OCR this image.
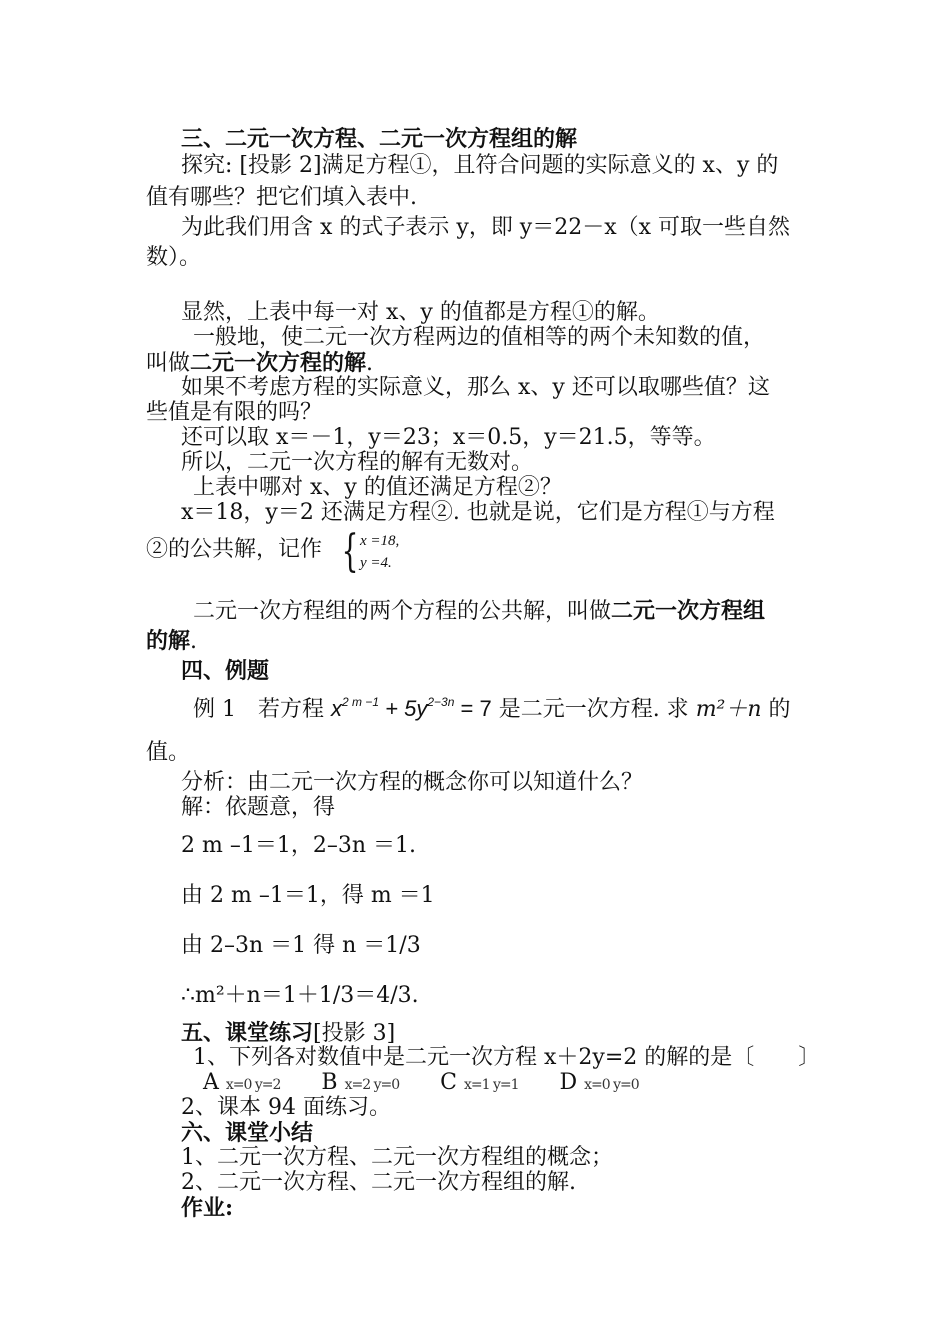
三、二元一次方程、二元一次方程组的解
探究: [投影 2]满足方程①，且符合问题的实际意义的 x、y 的
值有哪些？把它们填入表中.
为此我们用含 x 的式子表示 y，即 y＝22－x（x 可取一些自然
数）。
显然，上表中每一对 x、y 的值都是方程①的解。
一般地，使二元一次方程两边的值相等的两个未知数的值，
叫做二元一次方程的解.
如果不考虑方程的实际意义，那么 x、y 还可以取哪些值？这
些值是有限的吗？
还可以取 x＝－1，y＝23；x＝0.5，y＝21.5，等等。
所以，二元一次方程的解有无数对。
上表中哪对 x、y 的值还满足方程②？
x＝18，y＝2 还满足方程②. 也就是说，它们是方程①与方程
②的公共解，记作 { x =18,
y =4.
二元一次方程组的两个方程的公共解，叫做二元一次方程组
的解.
四、例题
例 1　若方程 $x^{2 m -1} + 5y^{2-3n} = 7$ 是二元一次方程. 求 m²＋n 的
值。
分析：由二元一次方程的概念你可以知道什么？
解：依题意，得
2 m –1＝1，2–3n ＝1.
由 2 m –1＝1，得 m ＝1
由 2–3n ＝1 得 n ＝1/3
∴m²＋n＝1＋1/3＝4/3.
五、课堂练习[投影 3]
1、下列各对数值中是二元一次方程 x＋2y=2 的解的是〔　　〕
A x=0 y=2 B x=2 y=0 C x=1 y=1 D x=0 y=0
2、课本 94 面练习。
六、课堂小结
1、二元一次方程、二元一次方程组的概念；
2、二元一次方程、二元一次方程组的解.
作业:
